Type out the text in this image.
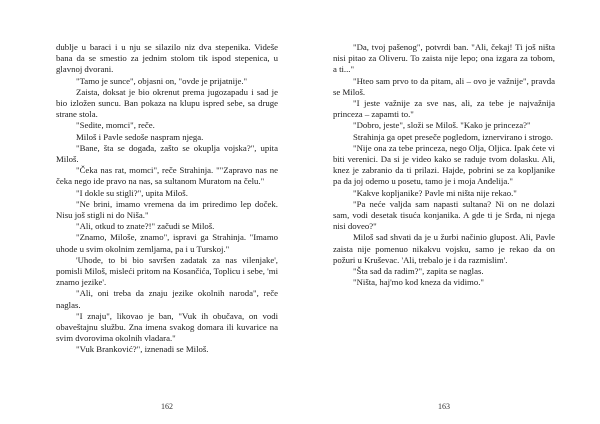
dublje u baraci i u nju se silazilo niz dva stepenika. Videše bana da se smestio za jednim stolom tik ispod stepenica, u glavnoj dvorani.

"Tamo je sunce", objasni on, "ovde je prijatnije."

Zaista, doksat je bio okrenut prema jugozapadu i sad je bio izložen suncu. Ban pokaza na klupu ispred sebe, sa druge strane stola.

"Sedite, momci", reče.

Miloš i Pavle sedoše naspram njega.

"Bane, šta se događa, zašto se okuplja vojska?", upita Miloš.

"Čeka nas rat, momci", reče Strahinja. ""Zapravo nas ne čeka nego ide pravo na nas, sa sultanom Muratom na čelu."

"I dokle su stigli?", upita Miloš.

"Ne brini, imamo vremena da im priredimo lep doček. Nisu još stigli ni do Niša."

"Ali, otkud to znate?!" začudi se Miloš.

"Znamo, Miloše, znamo", ispravi ga Strahinja. "Imamo uhode u svim okolnim zemljama, pa i u Turskoj."

'Uhode, to bi bio savršen zadatak za nas vilenjake', pomisli Miloš, misleći pritom na Kosančića, Toplicu i sebe, 'mi znamo jezike'.

"Ali, oni treba da znaju jezike okolnih naroda", reče naglas.

"I znaju", likovao je ban, "Vuk ih obučava, on vodi obaveštajnu službu. Zna imena svakog domara ili kuvarice na svim dvorovima okolnih vladara."

"Vuk Branković?", iznenadi se Miloš.

162

"Da, tvoj pašenog", potvrdi ban. "Ali, čekaj! Ti još ništa nisi pitao za Oliveru. To zaista nije lepo; ona izgara za tobom, a ti..."

"Hteo sam prvo to da pitam, ali – ovo je važnije", pravda se Miloš.

"I jeste važnije za sve nas, ali, za tebe je najvažnija princeza – zapamti to."

"Dobro, jeste", složi se Miloš. "Kako je princeza?"

Strahinja ga opet preseče pogledom, iznervirano i strogo.

"Nije ona za tebe princeza, nego Olja, Oljica. Ipak ćete vi biti verenici. Da si je video kako se raduje tvom dolasku. Ali, knez je zabranio da ti prilazi. Hajde, pobrini se za kopljanike pa da joj odemo u posetu, tamo je i moja Anđelija."

"Kakve kopljanike? Pavle mi ništa nije rekao."

"Pa neće valjda sam napasti sultana? Ni on ne dolazi sam, vodi desetak tisuća konjanika. A gde ti je Srđa, ni njega nisi doveo?"

Miloš sad shvati da je u žurbi načinio glupost. Ali, Pavle zaista nije pomenuo nikakvu vojsku, samo je rekao da on požuri u Kruševac. 'Ali, trebalo je i da razmislim'.

"Šta sad da radim?", zapita se naglas.

"Ništa, haj'mo kod kneza da vidimo."

163
